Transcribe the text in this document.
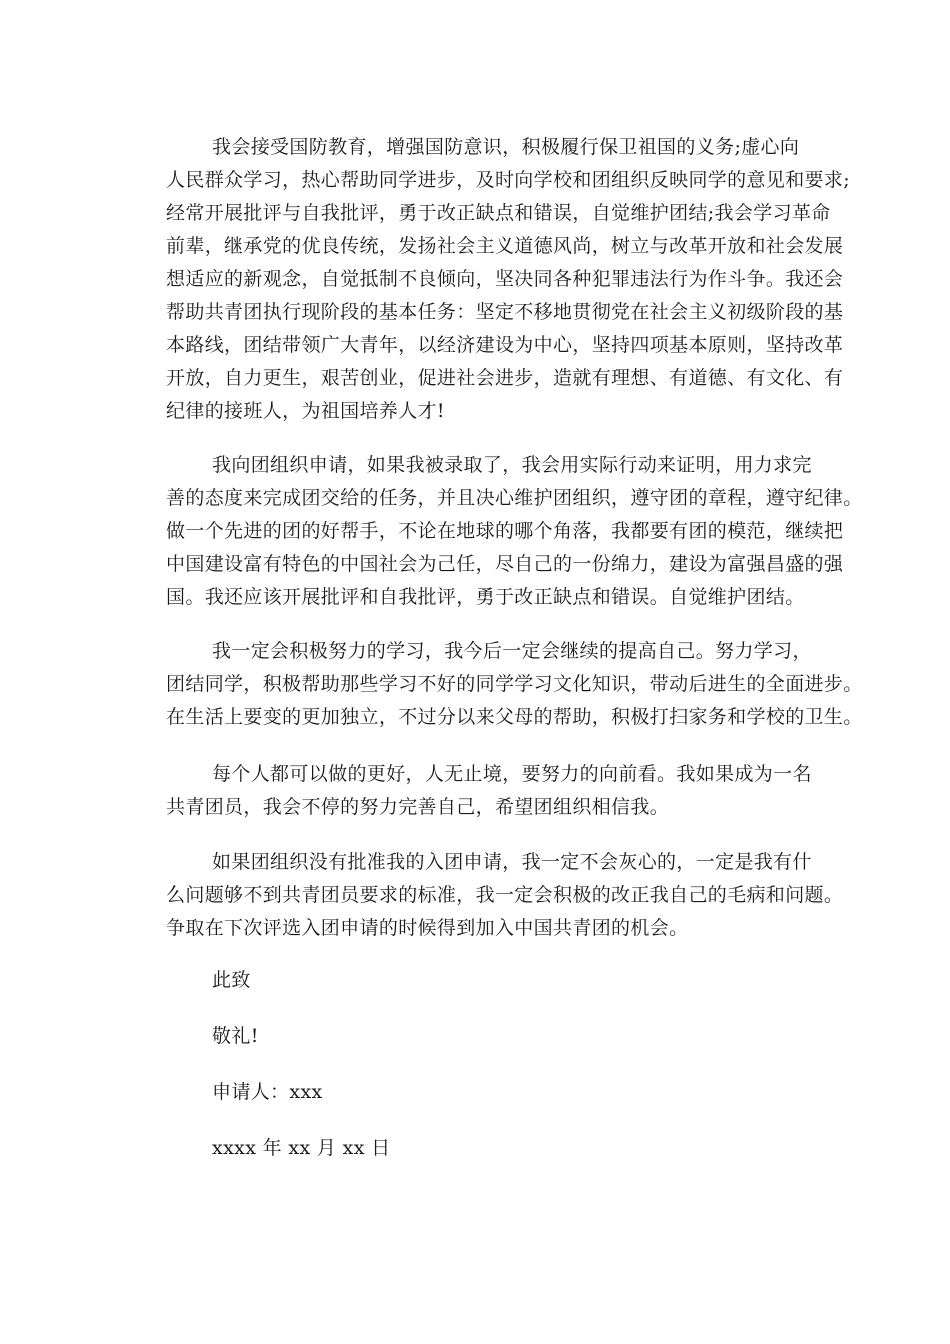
我会接受国防教育，增强国防意识，积极履行保卫祖国的义务;虚心向
人民群众学习，热心帮助同学进步，及时向学校和团组织反映同学的意见和要求;
经常开展批评与自我批评，勇于改正缺点和错误，自觉维护团结;我会学习革命
前辈，继承党的优良传统，发扬社会主义道德风尚，树立与改革开放和社会发展
想适应的新观念，自觉抵制不良倾向，坚决同各种犯罪违法行为作斗争。我还会
帮助共青团执行现阶段的基本任务：坚定不移地贯彻党在社会主义初级阶段的基
本路线，团结带领广大青年，以经济建设为中心，坚持四项基本原则，坚持改革
开放，自力更生，艰苦创业，促进社会进步，造就有理想、有道德、有文化、有
纪律的接班人，为祖国培养人才!
我向团组织申请，如果我被录取了，我会用实际行动来证明，用力求完
善的态度来完成团交给的任务，并且决心维护团组织，遵守团的章程，遵守纪律。
做一个先进的团的好帮手，不论在地球的哪个角落，我都要有团的模范，继续把
中国建设富有特色的中国社会为己任，尽自己的一份绵力，建设为富强昌盛的强
国。我还应该开展批评和自我批评，勇于改正缺点和错误。自觉维护团结。
我一定会积极努力的学习，我今后一定会继续的提高自己。努力学习，
团结同学，积极帮助那些学习不好的同学学习文化知识，带动后进生的全面进步。
在生活上要变的更加独立，不过分以来父母的帮助，积极打扫家务和学校的卫生。
每个人都可以做的更好，人无止境，要努力的向前看。我如果成为一名
共青团员，我会不停的努力完善自己，希望团组织相信我。
如果团组织没有批准我的入团申请，我一定不会灰心的，一定是我有什
么问题够不到共青团员要求的标准，我一定会积极的改正我自己的毛病和问题。
争取在下次评选入团申请的时候得到加入中国共青团的机会。

此致

敬礼!

申请人：xxx

xxxx 年 xx 月 xx 日
